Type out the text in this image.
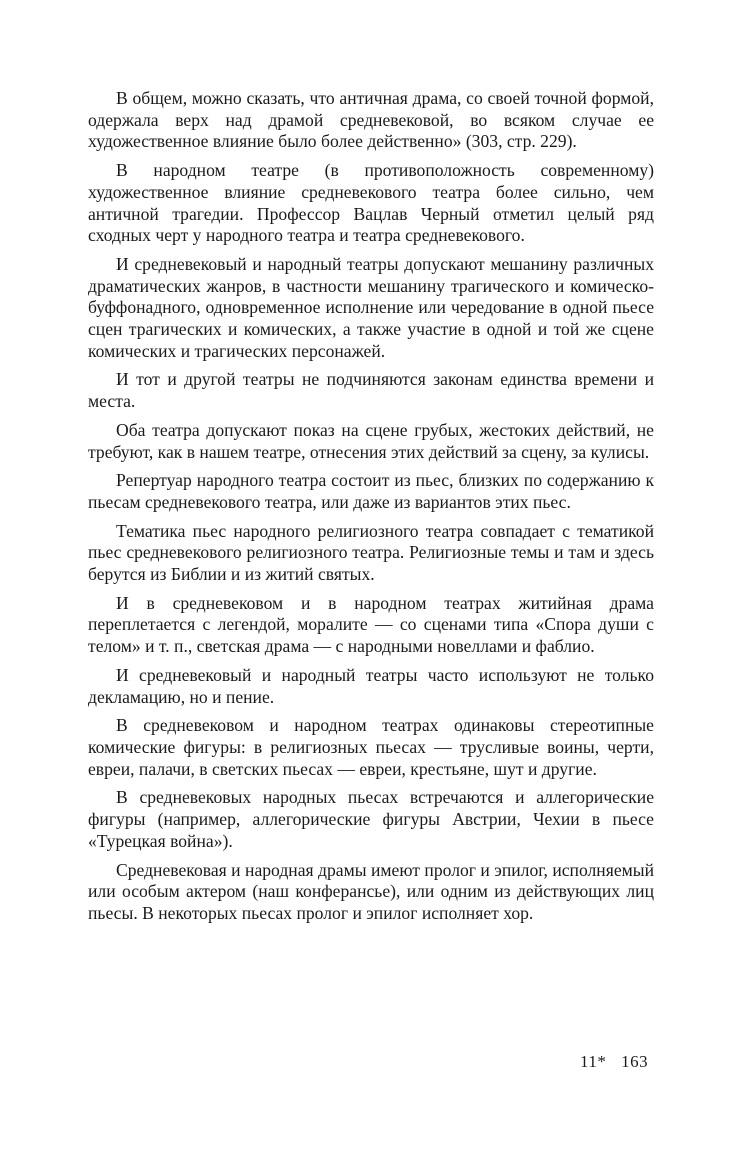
В общем, можно сказать, что античная драма, со своей точной формой, одержала верх над драмой средневековой, во всяком случае ее художественное влияние было более действенно» (303, стр. 229).

В народном театре (в противоположность современному) художественное влияние средневекового театра более сильно, чем античной трагедии. Профессор Вацлав Черный отметил целый ряд сходных черт у народного театра и театра средневекового.

И средневековый и народный театры допускают мешанину различных драматических жанров, в частности мешанину трагического и комическо-буффонадного, одновременное исполнение или чередование в одной пьесе сцен трагических и комических, а также участие в одной и той же сцене комических и трагических персонажей.

И тот и другой театры не подчиняются законам единства времени и места.

Оба театра допускают показ на сцене грубых, жестоких действий, не требуют, как в нашем театре, отнесения этих действий за сцену, за кулисы.

Репертуар народного театра состоит из пьес, близких по содержанию к пьесам средневекового театра, или даже из вариантов этих пьес.

Тематика пьес народного религиозного театра совпадает с тематикой пьес средневекового религиозного театра. Религиозные темы и там и здесь берутся из Библии и из житий святых.

И в средневековом и в народном театрах житийная драма переплетается с легендой, моралите — со сценами типа «Спора души с телом» и т. п., светская драма — с народными новеллами и фаблио.

И средневековый и народный театры часто используют не только декламацию, но и пение.

В средневековом и народном театрах одинаковы стереотипные комические фигуры: в религиозных пьесах — трусливые воины, черти, евреи, палачи, в светских пьесах — евреи, крестьяне, шут и другие.

В средневековых народных пьесах встречаются и аллегорические фигуры (например, аллегорические фигуры Австрии, Чехии в пьесе «Турецкая война»).

Средневековая и народная драмы имеют пролог и эпилог, исполняемый или особым актером (наш конферансье), или одним из действующих лиц пьесы. В некоторых пьесах пролог и эпилог исполняет хор.

11* 163
